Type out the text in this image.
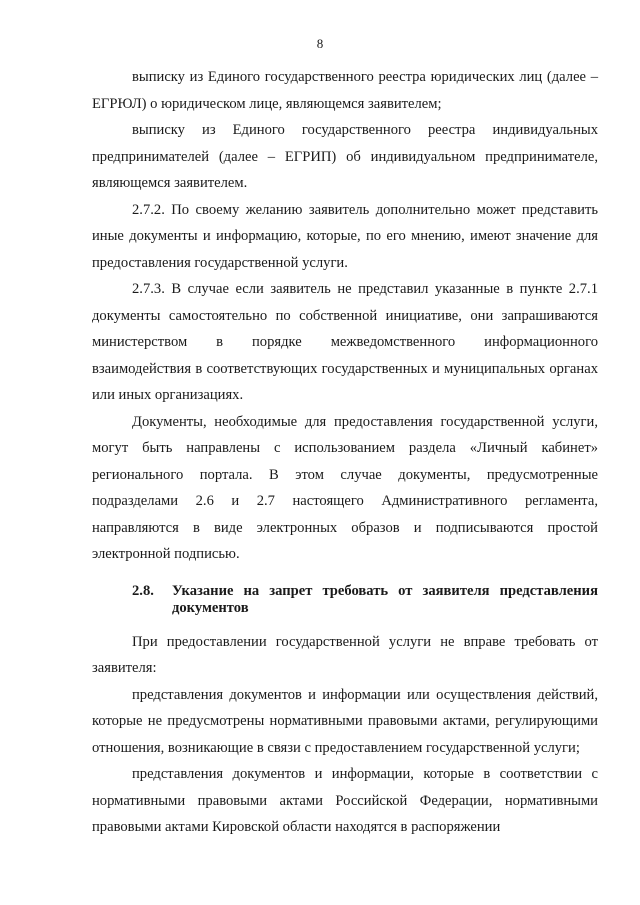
8

выписку из Единого государственного реестра юридических лиц (далее – ЕГРЮЛ) о юридическом лице, являющемся заявителем;

выписку из Единого государственного реестра индивидуальных предпринимателей (далее – ЕГРИП) об индивидуальном предпринимателе, являющемся заявителем.

2.7.2. По своему желанию заявитель дополнительно может представить иные документы и информацию, которые, по его мнению, имеют значение для предоставления государственной услуги.

2.7.3. В случае если заявитель не представил указанные в пункте 2.7.1 документы самостоятельно по собственной инициативе, они запрашиваются министерством в порядке межведомственного информационного взаимодействия в соответствующих государственных и муниципальных органах или иных организациях.

Документы, необходимые для предоставления государственной услуги, могут быть направлены с использованием раздела «Личный кабинет» регионального портала. В этом случае документы, предусмотренные подразделами 2.6 и 2.7 настоящего Административного регламента, направляются в виде электронных образов и подписываются простой электронной подписью.

2.8.	Указание на запрет требовать от заявителя представления документов

При предоставлении государственной услуги не вправе требовать от заявителя:

представления документов и информации или осуществления действий, которые не предусмотрены нормативными правовыми актами, регулирующими отношения, возникающие в связи с предоставлением государственной услуги;

представления документов и информации, которые в соответствии с нормативными правовыми актами Российской Федерации, нормативными правовыми актами Кировской области находятся в распоряжении
